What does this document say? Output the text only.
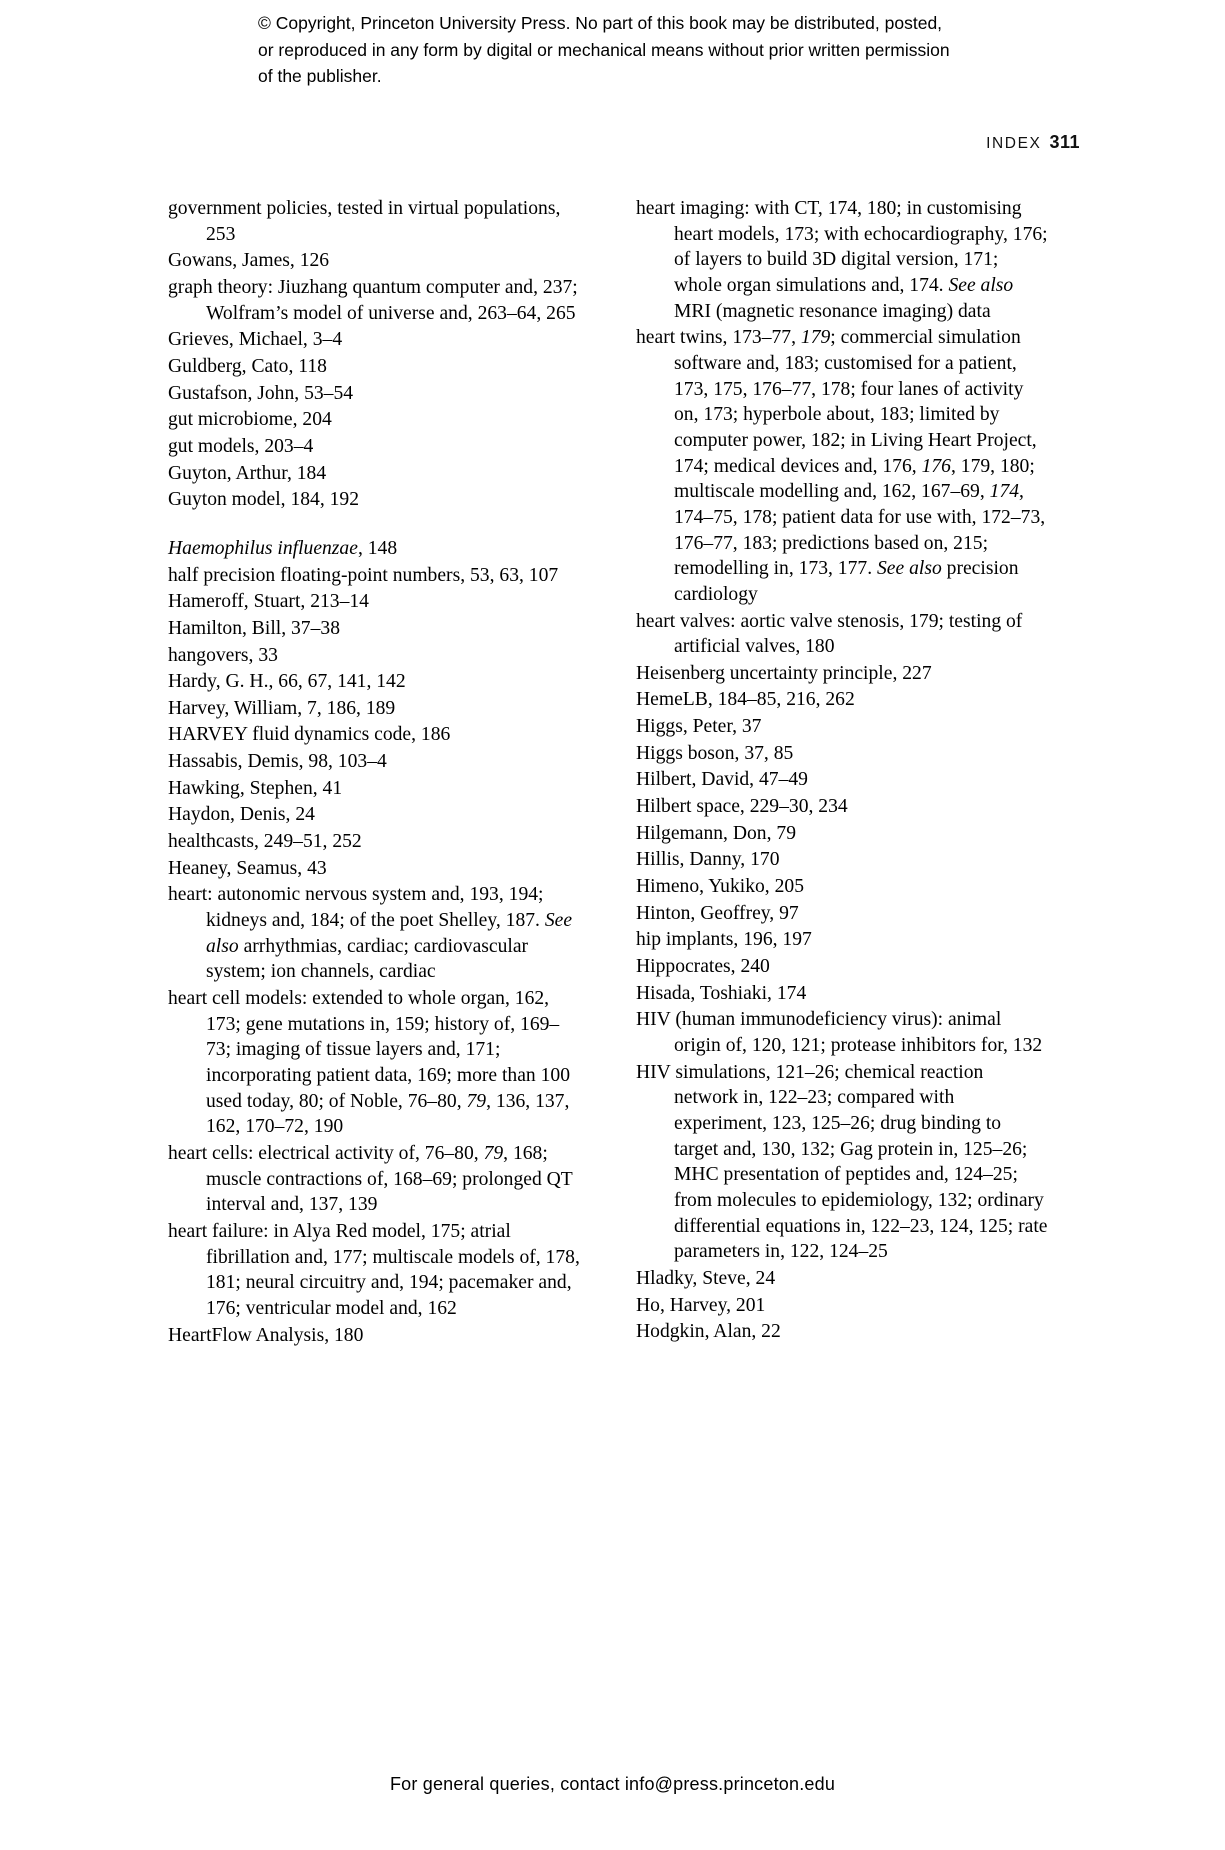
© Copyright, Princeton University Press. No part of this book may be distributed, posted, or reproduced in any form by digital or mechanical means without prior written permission of the publisher.
INDEX 311

government policies, tested in virtual populations, 253

Gowans, James, 126

graph theory: Jiuzhang quantum computer and, 237; Wolfram’s model of universe and, 263–64, 265

Grieves, Michael, 3–4

Guldberg, Cato, 118

Gustafson, John, 53–54

gut microbiome, 204

gut models, 203–4

Guyton, Arthur, 184

Guyton model, 184, 192

Haemophilus influenzae, 148

half precision floating-point numbers, 53, 63, 107

Hameroff, Stuart, 213–14

Hamilton, Bill, 37–38

hangovers, 33

Hardy, G. H., 66, 67, 141, 142

Harvey, William, 7, 186, 189

HARVEY fluid dynamics code, 186

Hassabis, Demis, 98, 103–4

Hawking, Stephen, 41

Haydon, Denis, 24

healthcasts, 249–51, 252

Heaney, Seamus, 43

heart: autonomic nervous system and, 193, 194; kidneys and, 184; of the poet Shelley, 187. See also arrhythmias, cardiac; cardiovascular system; ion channels, cardiac

heart cell models: extended to whole organ, 162, 173; gene mutations in, 159; history of, 169–73; imaging of tissue layers and, 171; incorporating patient data, 169; more than 100 used today, 80; of Noble, 76–80, 79, 136, 137, 162, 170–72, 190

heart cells: electrical activity of, 76–80, 79, 168; muscle contractions of, 168–69; prolonged QT interval and, 137, 139

heart failure: in Alya Red model, 175; atrial fibrillation and, 177; multiscale models of, 178, 181; neural circuitry and, 194; pacemaker and, 176; ventricular model and, 162

HeartFlow Analysis, 180

heart imaging: with CT, 174, 180; in customising heart models, 173; with echocardiography, 176; of layers to build 3D digital version, 171; whole organ simulations and, 174. See also MRI (magnetic resonance imaging) data

heart twins, 173–77, 179; commercial simulation software and, 183; customised for a patient, 173, 175, 176–77, 178; four lanes of activity on, 173; hyperbole about, 183; limited by computer power, 182; in Living Heart Project, 174; medical devices and, 176, 176, 179, 180; multiscale modelling and, 162, 167–69, 174, 174–75, 178; patient data for use with, 172–73, 176–77, 183; predictions based on, 215; remodelling in, 173, 177. See also precision cardiology

heart valves: aortic valve stenosis, 179; testing of artificial valves, 180

Heisenberg uncertainty principle, 227

HemeLB, 184–85, 216, 262

Higgs, Peter, 37

Higgs boson, 37, 85

Hilbert, David, 47–49

Hilbert space, 229–30, 234

Hilgemann, Don, 79

Hillis, Danny, 170

Himeno, Yukiko, 205

Hinton, Geoffrey, 97

hip implants, 196, 197

Hippocrates, 240

Hisada, Toshiaki, 174

HIV (human immunodeficiency virus): animal origin of, 120, 121; protease inhibitors for, 132

HIV simulations, 121–26; chemical reaction network in, 122–23; compared with experiment, 123, 125–26; drug binding to target and, 130, 132; Gag protein in, 125–26; MHC presentation of peptides and, 124–25; from molecules to epidemiology, 132; ordinary differential equations in, 122–23, 124, 125; rate parameters in, 122, 124–25

Hladky, Steve, 24

Ho, Harvey, 201

Hodgkin, Alan, 22

For general queries, contact info@press.princeton.edu
